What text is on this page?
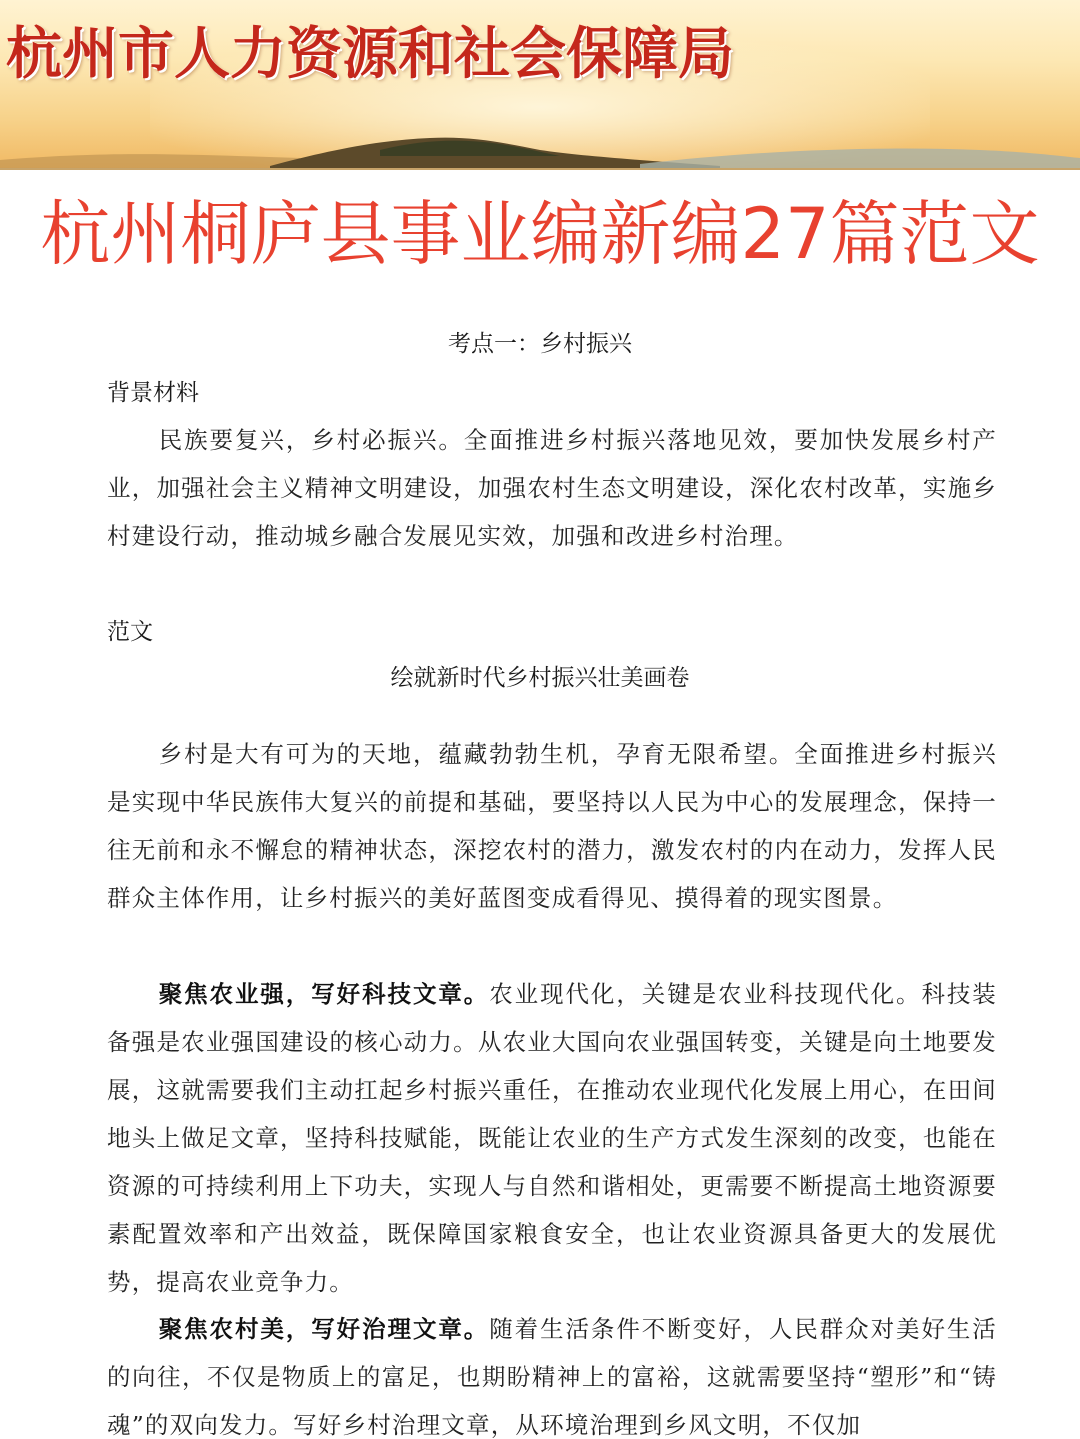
杭州市人力资源和社会保障局
杭州桐庐县事业编新编27篇范文
考点一：乡村振兴
背景材料

民族要复兴，乡村必振兴。全面推进乡村振兴落地见效，要加快发展乡村产业，加强社会主义精神文明建设，加强农村生态文明建设，深化农村改革，实施乡村建设行动，推动城乡融合发展见实效，加强和改进乡村治理。

范文
绘就新时代乡村振兴壮美画卷

乡村是大有可为的天地，蕴藏勃勃生机，孕育无限希望。全面推进乡村振兴是实现中华民族伟大复兴的前提和基础，要坚持以人民为中心的发展理念，保持一往无前和永不懈怠的精神状态，深挖农村的潜力，激发农村的内在动力，发挥人民群众主体作用，让乡村振兴的美好蓝图变成看得见、摸得着的现实图景。

聚焦农业强，写好科技文章。农业现代化，关键是农业科技现代化。科技装备强是农业强国建设的核心动力。从农业大国向农业强国转变，关键是向土地要发展，这就需要我们主动扛起乡村振兴重任，在推动农业现代化发展上用心，在田间地头上做足文章，坚持科技赋能，既能让农业的生产方式发生深刻的改变，也能在资源的可持续利用上下功夫，实现人与自然和谐相处，更需要不断提高土地资源要素配置效率和产出效益，既保障国家粮食安全，也让农业资源具备更大的发展优势，提高农业竞争力。

聚焦农村美，写好治理文章。随着生活条件不断变好，人民群众对美好生活的向往，不仅是物质上的富足，也期盼精神上的富裕，这就需要坚持“塑形”和“铸魂”的双向发力。写好乡村治理文章，从环境治理到乡风文明，不仅加
